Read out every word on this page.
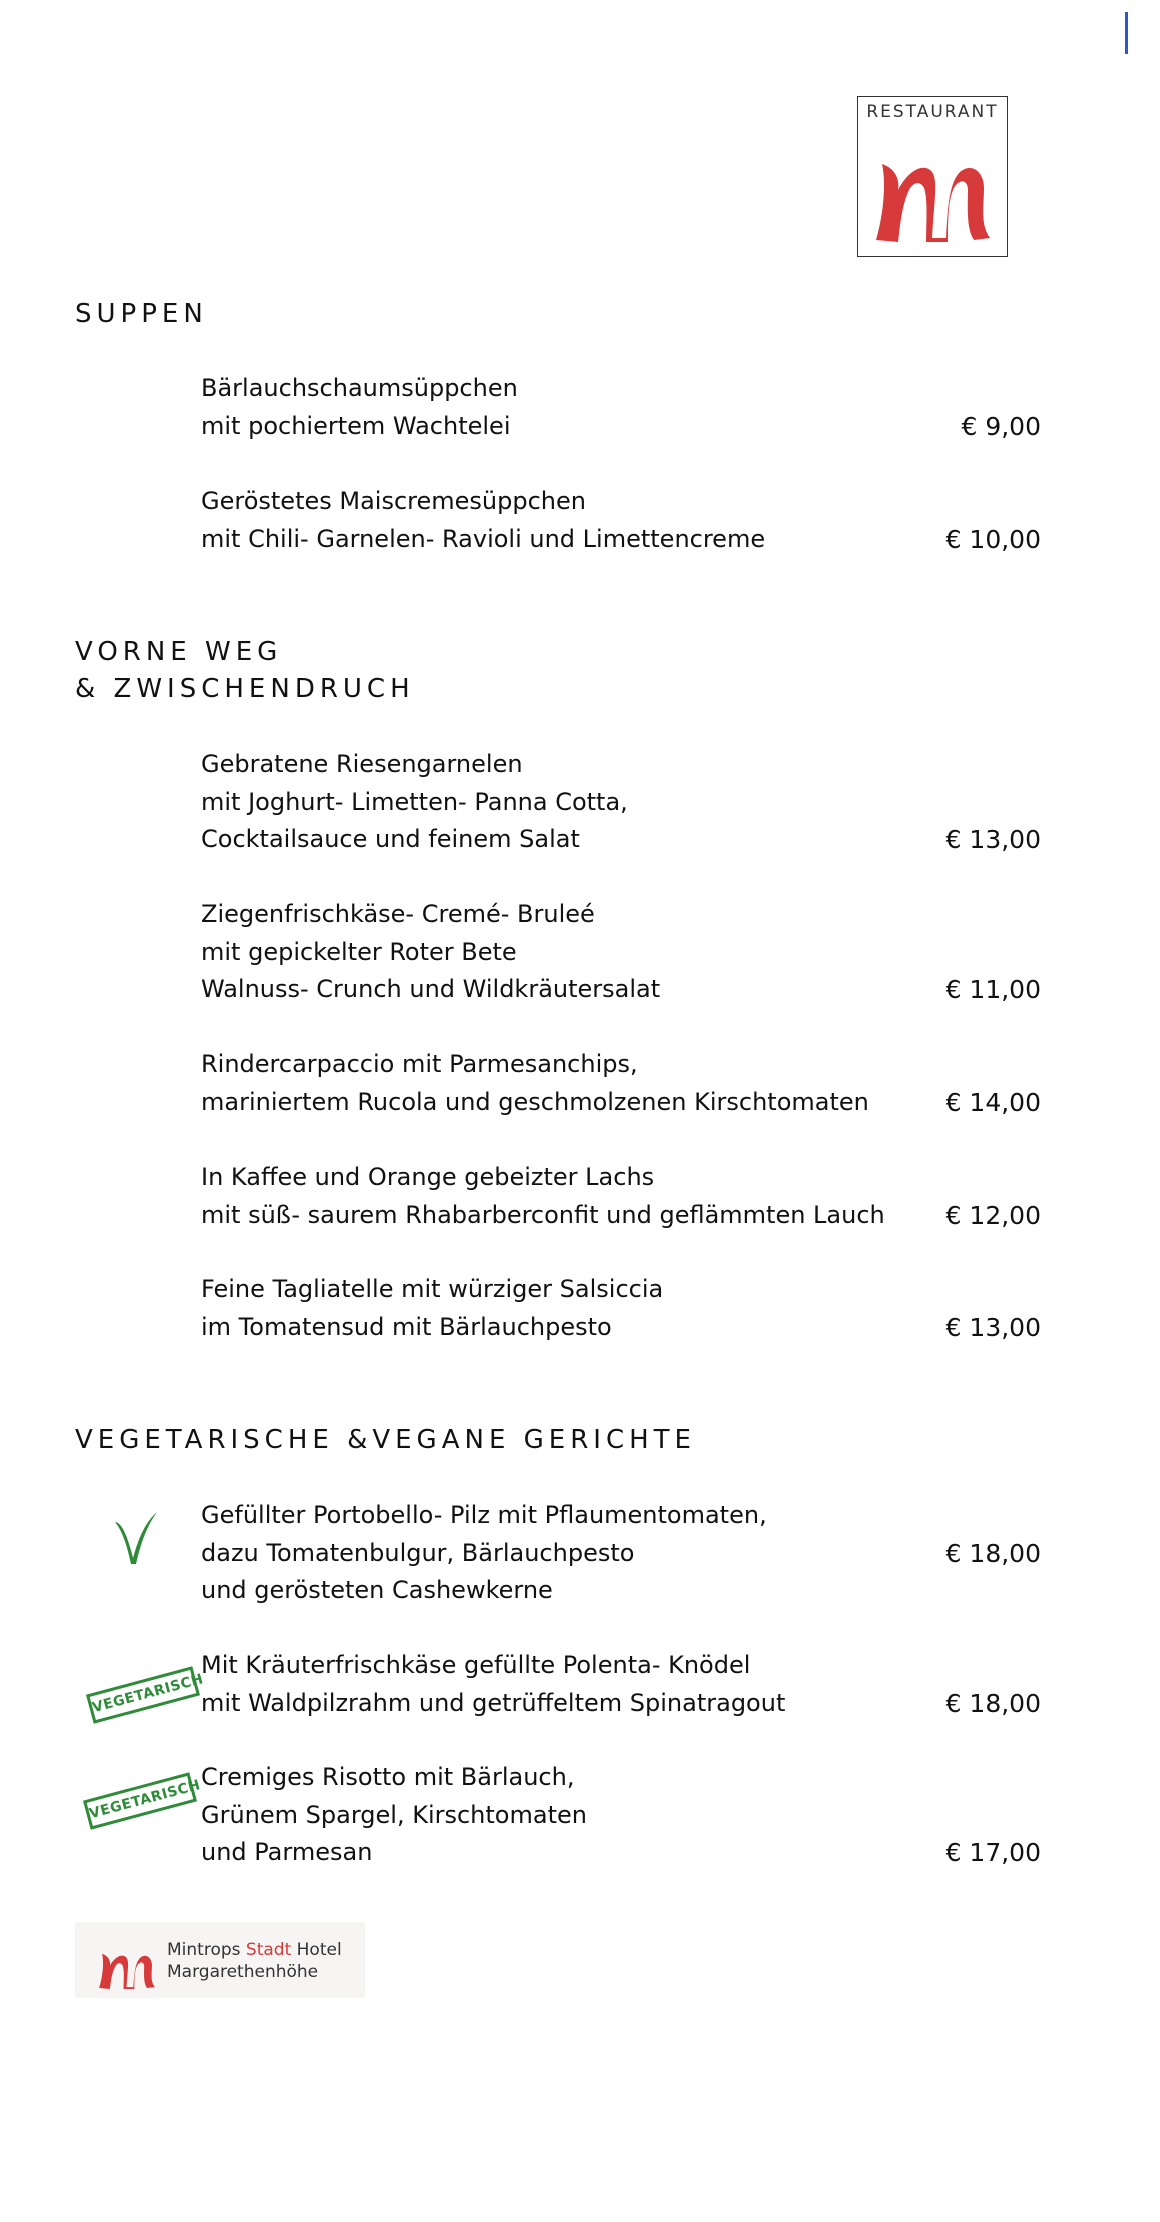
RESTAURANT
SUPPEN
Bärlauchschaumsüppchen
mit pochiertem Wachtelei	€ 9,00
Geröstetes Maiscremesüppchen
mit Chili- Garnelen- Ravioli und Limettencreme	€ 10,00
VORNE WEG
& ZWISCHENDRUCH
Gebratene Riesengarnelen
mit Joghurt- Limetten- Panna Cotta,
Cocktailsauce und feinem Salat	€ 13,00
Ziegenfrischkäse- Cremé- Bruleé
mit gepickelter Roter Bete
Walnuss- Crunch und Wildkräutersalat	€ 11,00
Rindercarpaccio mit Parmesanchips,
mariniertem Rucola und geschmolzenen Kirschtomaten	€ 14,00
In Kaffee und Orange gebeizter Lachs
mit süß- saurem Rhabarberconfit und geflämmten Lauch	€ 12,00
Feine Tagliatelle mit würziger Salsiccia
im Tomatensud mit Bärlauchpesto	€ 13,00
VEGETARISCHE &VEGANE GERICHTE
Gefüllter Portobello- Pilz mit Pflaumentomaten,
dazu Tomatenbulgur, Bärlauchpesto
und gerösteten Cashewkerne
€ 18,00
VEGETARISCH
Mit Kräuterfrischkäse gefüllte Polenta- Knödel
mit Waldpilzrahm und getrüffeltem Spinatragout	€ 18,00
VEGETARISCH
Cremiges Risotto mit Bärlauch,
Grünem Spargel, Kirschtomaten
und Parmesan	€ 17,00
Mintrops Stadt Hotel
Margarethenhöhe
